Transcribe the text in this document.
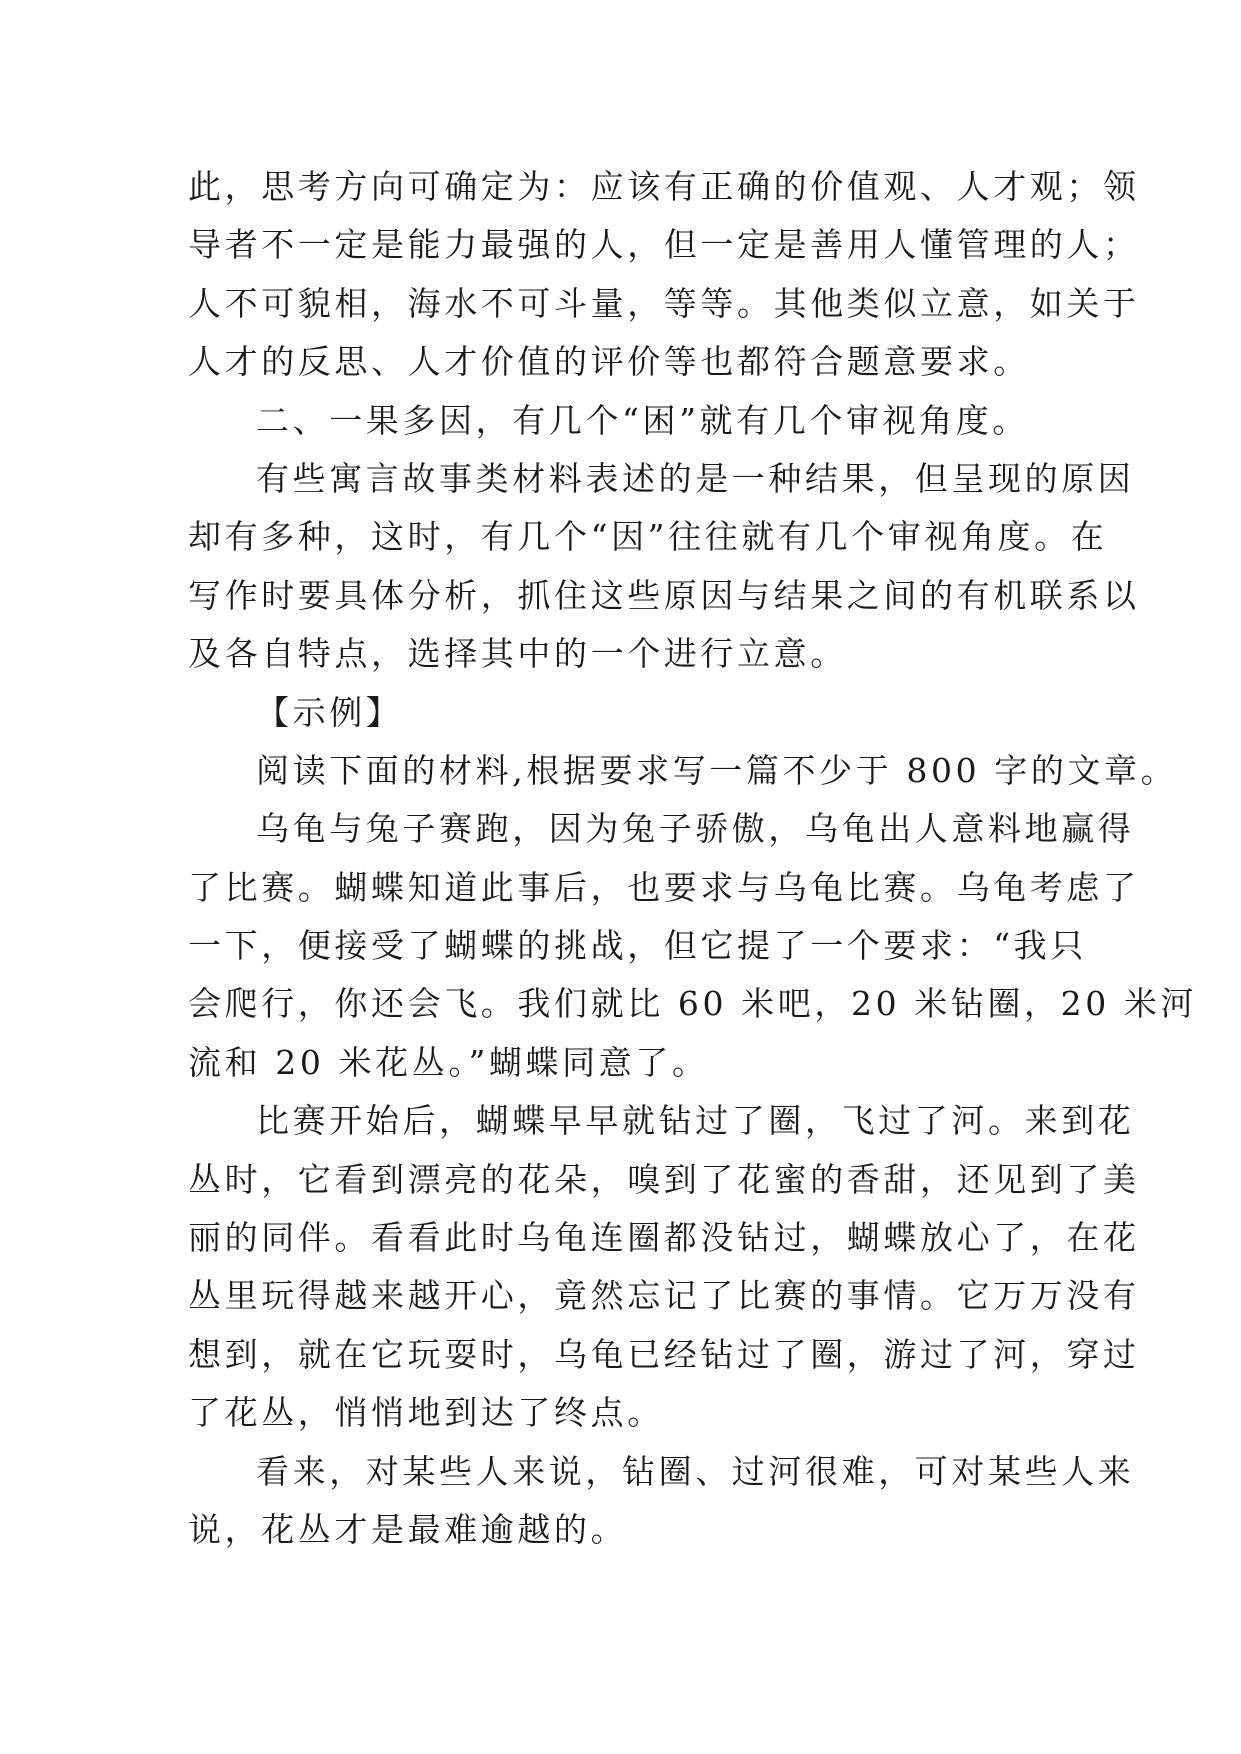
此，思考方向可确定为：应该有正确的价值观、人才观；领
导者不一定是能力最强的人，但一定是善用人懂管理的人；
人不可貌相，海水不可斗量，等等。其他类似立意，如关于
人才的反思、人才价值的评价等也都符合题意要求。
二、一果多因，有几个“困”就有几个审视角度。
有些寓言故事类材料表述的是一种结果，但呈现的原因
却有多种，这时，有几个“因”往往就有几个审视角度。在
写作时要具体分析，抓住这些原因与结果之间的有机联系以
及各自特点，选择其中的一个进行立意。
【示例】
阅读下面的材料,根据要求写一篇不少于 800 字的文章。
乌龟与兔子赛跑，因为兔子骄傲，乌龟出人意料地赢得
了比赛。蝴蝶知道此事后，也要求与乌龟比赛。乌龟考虑了
一下，便接受了蝴蝶的挑战，但它提了一个要求：“我只
会爬行，你还会飞。我们就比 60 米吧，20 米钻圈，20 米河
流和 20 米花丛。”蝴蝶同意了。
比赛开始后，蝴蝶早早就钻过了圈，飞过了河。来到花
丛时，它看到漂亮的花朵，嗅到了花蜜的香甜，还见到了美
丽的同伴。看看此时乌龟连圈都没钻过，蝴蝶放心了，在花
丛里玩得越来越开心，竟然忘记了比赛的事情。它万万没有
想到，就在它玩耍时，乌龟已经钻过了圈，游过了河，穿过
了花丛，悄悄地到达了终点。
看来，对某些人来说，钻圈、过河很难，可对某些人来
说，花丛才是最难逾越的。
